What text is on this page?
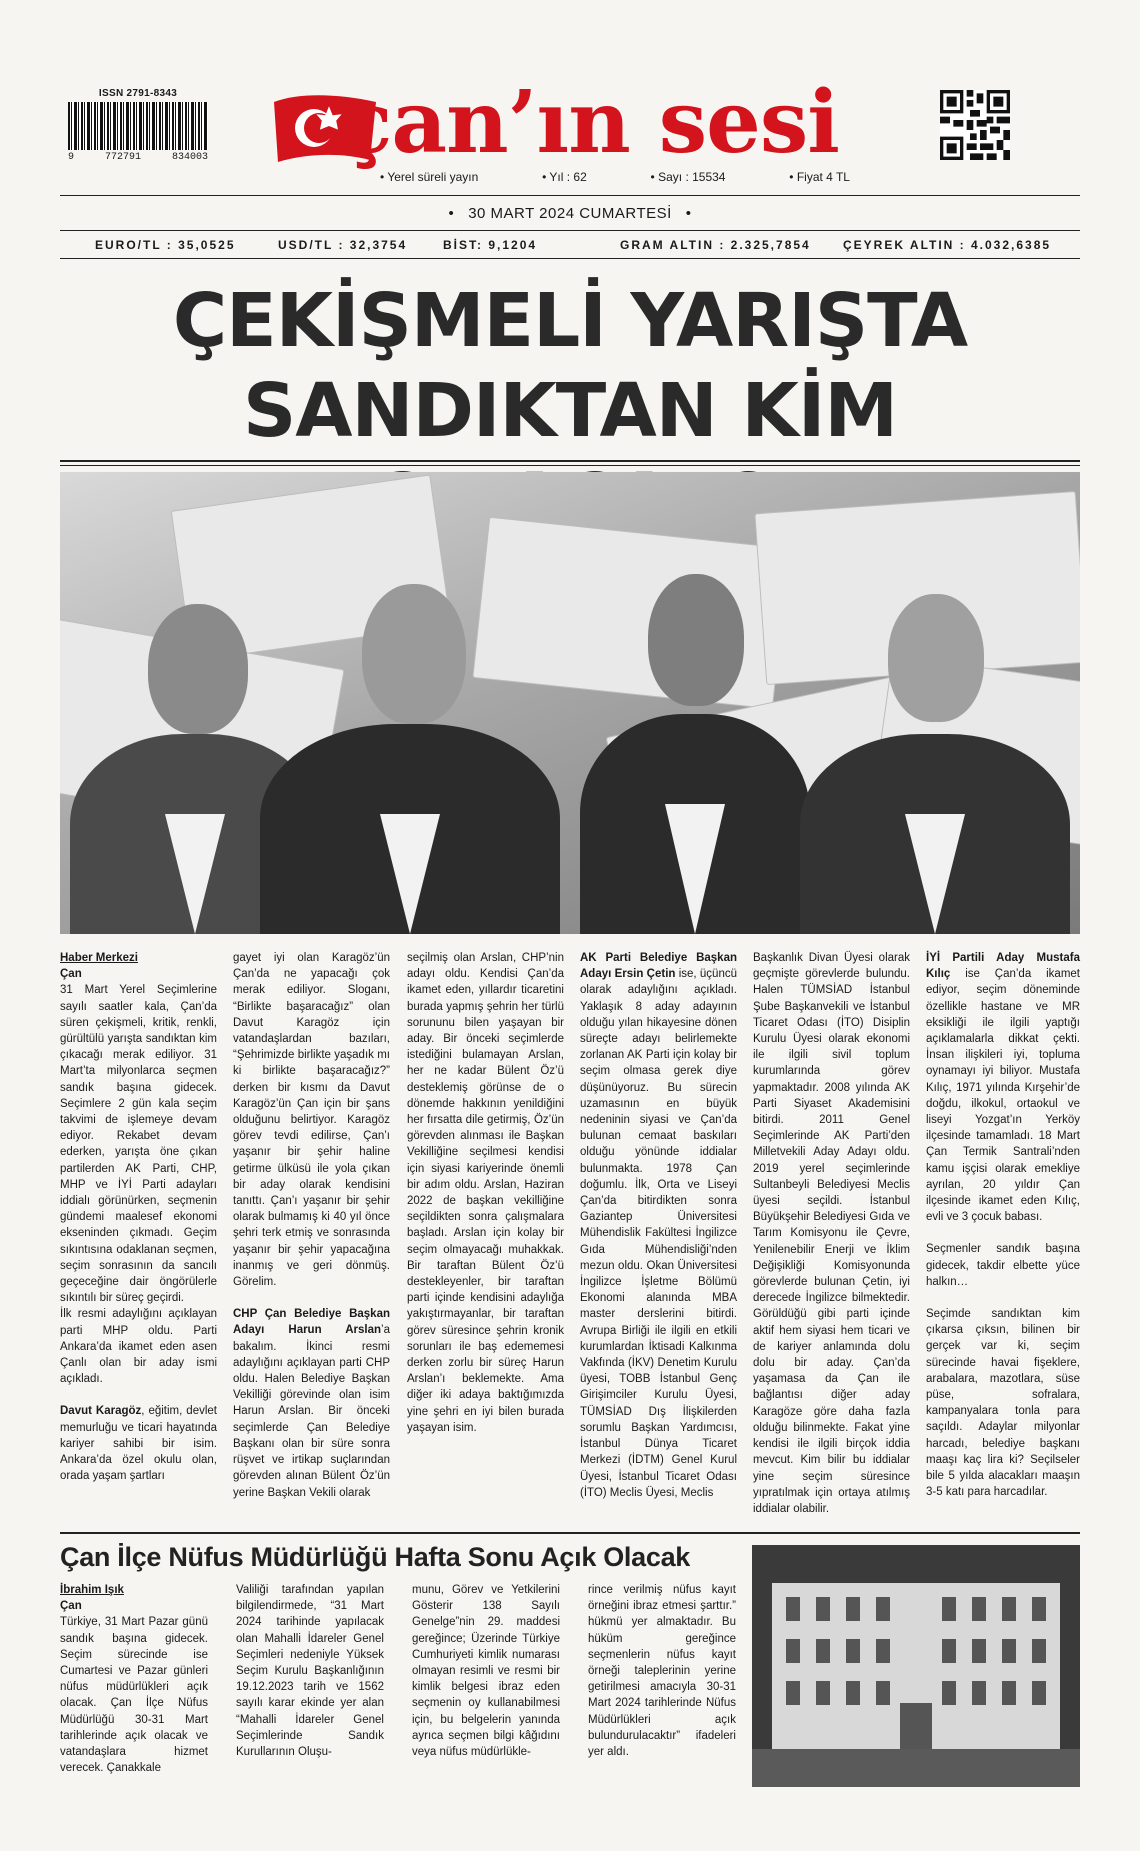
ISSN 2791-8343
9	772791	834003 çan’ın sesi
• Yerel süreli yayın	• Yıl : 62	• Sayı : 15534	• Fiyat 4 TL
•   30 MART 2024 CUMARTESİ   •
EURO/TL : 35,0525	USD/TL : 32,3754	BİST: 9,1204	GRAM ALTIN : 2.325,7854	ÇEYREK ALTIN : 4.032,6385
ÇEKİŞMELİ YARIŞTA
SANDIKTAN KİM

Haber Merkezi

Çan

31 Mart Yerel Seçimlerine sayılı saatler kala, Çan’da süren çekişmeli, kritik, renkli, gürültülü yarışta sandıktan kim çıkacağı merak ediliyor. 31 Mart’ta milyonlarca seçmen sandık başına gidecek. Seçimlere 2 gün kala seçim takvimi de işlemeye devam ediyor. Rekabet devam ederken, yarışta öne çıkan partilerden AK Parti, CHP, MHP ve İYİ Parti adayları iddialı görünürken, seçmenin gündemi maalesef ekonomi ekseninden çıkmadı. Geçim sıkıntısına odaklanan seçmen, seçim sonrasının da sancılı geçeceğine dair öngörülerle sıkıntılı bir süreç geçirdi.

İlk resmi adaylığını açıklayan parti MHP oldu. Parti Ankara’da ikamet eden asen Çanlı olan bir aday ismi açıkladı.

Davut Karagöz, eğitim, devlet memurluğu ve ticari hayatında kariyer sahibi bir isim. Ankara’da özel okulu olan, orada yaşam şartları

gayet iyi olan Karagöz’ün Çan’da ne yapacağı çok merak ediliyor. Sloganı, “Birlikte başaracağız” olan Davut Karagöz için vatandaşlardan bazıları, “Şehrimizde birlikte yaşadık mı ki birlikte başaracağız?” derken bir kısmı da Davut Karagöz’ün Çan için bir şans olduğunu belirtiyor. Karagöz görev tevdi edilirse, Çan’ı yaşanır bir şehir haline getirme ülküsü ile yola çıkan bir aday olarak kendisini tanıttı. Çan’ı yaşanır bir şehir olarak bulmamış ki 40 yıl önce şehri terk etmiş ve sonrasında yaşanır bir şehir yapacağına inanmış ve geri dönmüş. Görelim.

CHP Çan Belediye Başkan Adayı Harun Arslan’a bakalım. İkinci resmi adaylığını açıklayan parti CHP oldu. Halen Belediye Başkan Vekilliği görevinde olan isim Harun Arslan. Bir önceki seçimlerde Çan Belediye Başkanı olan bir süre sonra rüşvet ve irtikap suçlarından görevden alınan Bülent Öz’ün yerine Başkan Vekili olarak

seçilmiş olan Arslan, CHP’nin adayı oldu. Kendisi Çan’da ikamet eden, yıllardır ticaretini burada yapmış şehrin her türlü sorununu bilen yaşayan bir aday. Bir önceki seçimlerde istediğini bulamayan Arslan, her ne kadar Bülent Öz’ü desteklemiş görünse de o dönemde hakkının yenildiğini her fırsatta dile getirmiş, Öz’ün görevden alınması ile Başkan Vekilliğine seçilmesi kendisi için siyasi kariyerinde önemli bir adım oldu. Arslan, Haziran 2022 de başkan vekilliğine seçildikten sonra çalışmalara başladı. Arslan için kolay bir seçim olmayacağı muhakkak. Bir taraftan Bülent Öz’ü destekleyenler, bir taraftan parti içinde kendisini adaylığa yakıştırmayanlar, bir taraftan görev süresince şehrin kronik sorunları ile baş edememesi derken zorlu bir süreç Harun Arslan’ı beklemekte. Ama diğer iki adaya baktığımızda yine şehri en iyi bilen burada yaşayan isim.

AK Parti Belediye Başkan Adayı Ersin Çetin ise, üçüncü olarak adaylığını açıkladı. Yaklaşık 8 aday adayının olduğu yılan hikayesine dönen süreçte adayı belirlemekte zorlanan AK Parti için kolay bir seçim olmasa gerek diye düşünüyoruz. Bu sürecin uzamasının en büyük nedeninin siyasi ve Çan’da bulunan cemaat baskıları olduğu yönünde iddialar bulunmakta. 1978 Çan doğumlu. İlk, Orta ve Liseyi Çan’da bitirdikten sonra Gaziantep Üniversitesi Mühendislik Fakültesi İngilizce Gıda Mühendisliği’nden mezun oldu. Okan Üniversitesi İngilizce İşletme Bölümü Ekonomi alanında MBA master derslerini bitirdi. Avrupa Birliği ile ilgili en etkili kurumlardan İktisadi Kalkınma Vakfında (İKV) Denetim Kurulu üyesi, TOBB İstanbul Genç Girişimciler Kurulu Üyesi, TÜMSİAD Dış İlişkilerden sorumlu Başkan Yardımcısı, İstanbul Dünya Ticaret Merkezi (İDTM) Genel Kurul Üyesi, İstanbul Ticaret Odası (İTO) Meclis Üyesi, Meclis

Başkanlık Divan Üyesi olarak geçmişte görevlerde bulundu. Halen TÜMSİAD İstanbul Şube Başkanvekili ve İstanbul Ticaret Odası (İTO) Disiplin Kurulu Üyesi olarak ekonomi ile ilgili sivil toplum kurumlarında görev yapmaktadır. 2008 yılında AK Parti Siyaset Akademisini bitirdi. 2011 Genel Seçimlerinde AK Parti’den Milletvekili Aday Adayı oldu. 2019 yerel seçimlerinde Sultanbeyli Belediyesi Meclis üyesi seçildi. İstanbul Büyükşehir Belediyesi Gıda ve Tarım Komisyonu ile Çevre, Yenilenebilir Enerji ve İklim Değişikliği Komisyonunda görevlerde bulunan Çetin, iyi derecede İngilizce bilmektedir. Görüldüğü gibi parti içinde aktif hem siyasi hem ticari ve de kariyer anlamında dolu dolu bir aday. Çan’da yaşamasa da Çan ile bağlantısı diğer aday Karagöze göre daha fazla olduğu bilinmekte. Fakat yine kendisi ile ilgili birçok iddia mevcut. Kim bilir bu iddialar yine seçim süresince yıpratılmak için ortaya atılmış iddialar olabilir.

İYİ Partili Aday Mustafa Kılıç ise Çan’da ikamet ediyor, seçim döneminde özellikle hastane ve MR eksikliği ile ilgili yaptığı açıklamalarla dikkat çekti. İnsan ilişkileri iyi, topluma oynamayı iyi biliyor. Mustafa Kılıç, 1971 yılında Kırşehir’de doğdu, ilkokul, ortaokul ve liseyi Yozgat’ın Yerköy ilçesinde tamamladı. 18 Mart Çan Termik Santrali’nden kamu işçisi olarak emekliye ayrılan, 20 yıldır Çan ilçesinde ikamet eden Kılıç, evli ve 3 çocuk babası.

Seçmenler sandık başına gidecek, takdir elbette yüce halkın…

Seçimde sandıktan kim çıkarsa çıksın, bilinen bir gerçek var ki, seçim sürecinde havai fişeklere, arabalara, mazotlara, süse püse, sofralara, kampanyalara tonla para saçıldı. Adaylar milyonlar harcadı, belediye başkanı maaşı kaç lira ki? Seçilseler bile 5 yılda alacakları maaşın 3-5 katı para harcadılar.

Çan İlçe Nüfus Müdürlüğü Hafta Sonu Açık Olacak

İbrahim Işık

Çan

Türkiye, 31 Mart Pazar günü sandık başına gidecek. Seçim sürecinde ise Cumartesi ve Pazar günleri nüfus müdürlükleri açık olacak. Çan İlçe Nüfus Müdürlüğü 30-31 Mart tarihlerinde açık olacak ve vatandaşlara hizmet verecek. Çanakkale

Valiliği tarafından yapılan bilgilendirmede, “31 Mart 2024 tarihinde yapılacak olan Mahalli İdareler Genel Seçimleri nedeniyle Yüksek Seçim Kurulu Başkanlığının 19.12.2023 tarih ve 1562 sayılı karar ekinde yer alan “Mahalli İdareler Genel Seçimlerinde Sandık Kurullarının Oluşu-

munu, Görev ve Yetkilerini Gösterir 138 Sayılı Genelge”nin 29. maddesi gereğince; Üzerinde Türkiye Cumhuriyeti kimlik numarası olmayan resimli ve resmi bir kimlik belgesi ibraz eden seçmenin oy kullanabilmesi için, bu belgelerin yanında ayrıca seçmen bilgi kâğıdını veya nüfus müdürlükle-

rince verilmiş nüfus kayıt örneğini ibraz etmesi şarttır.” hükmü yer almaktadır. Bu hüküm gereğince seçmenlerin nüfus kayıt örneği taleplerinin yerine getirilmesi amacıyla 30-31 Mart 2024 tarihlerinde Nüfus Müdürlükleri açık bulundurulacaktır” ifadeleri yer aldı.
